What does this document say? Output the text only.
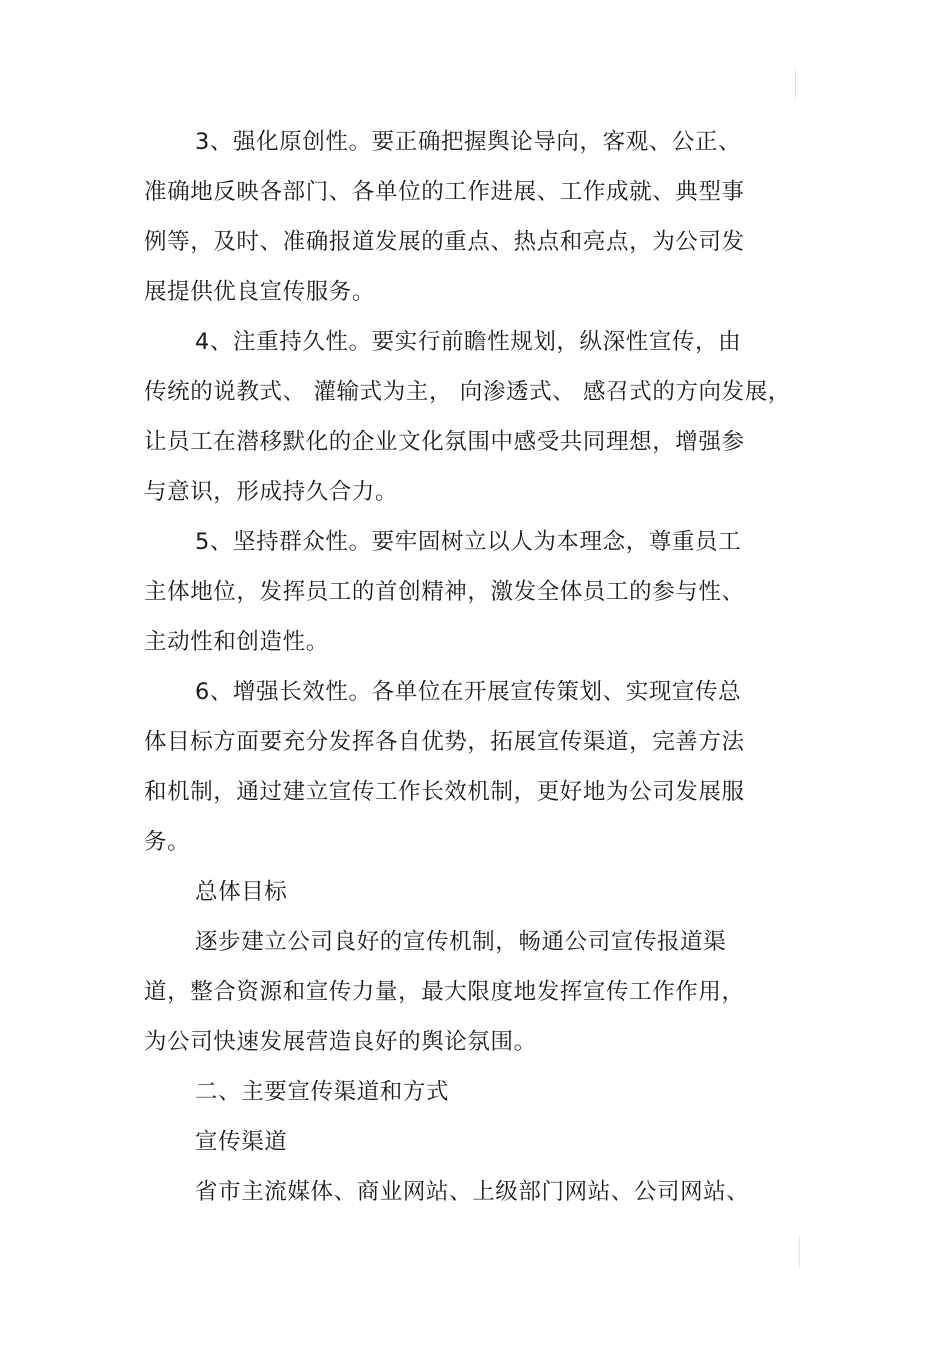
3、强化原创性。要正确把握舆论导向，客观、公正、
准确地反映各部门、各单位的工作进展、工作成就、典型事
例等，及时、准确报道发展的重点、热点和亮点，为公司发
展提供优良宣传服务。
4、注重持久性。要实行前瞻性规划，纵深性宣传，由
传统的说教式、 灌输式为主， 向渗透式、 感召式的方向发展，
让员工在潜移默化的企业文化氛围中感受共同理想，增强参
与意识，形成持久合力。
5、坚持群众性。要牢固树立以人为本理念，尊重员工
主体地位，发挥员工的首创精神，激发全体员工的参与性、
主动性和创造性。
6、增强长效性。各单位在开展宣传策划、实现宣传总
体目标方面要充分发挥各自优势，拓展宣传渠道，完善方法
和机制，通过建立宣传工作长效机制，更好地为公司发展服
务。
总体目标
逐步建立公司良好的宣传机制，畅通公司宣传报道渠
道，整合资源和宣传力量，最大限度地发挥宣传工作作用，
为公司快速发展营造良好的舆论氛围。
二、主要宣传渠道和方式
宣传渠道
省市主流媒体、商业网站、上级部门网站、公司网站、
